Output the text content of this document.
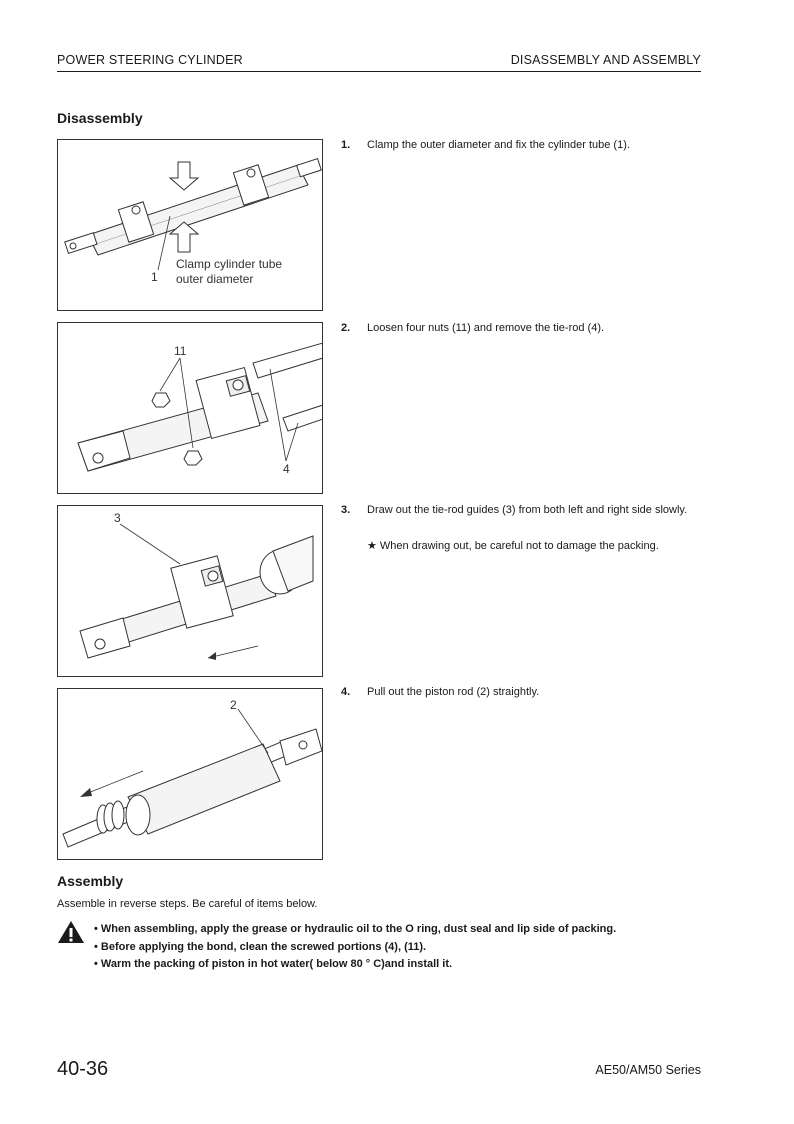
POWER STEERING CYLINDER	DISASSEMBLY AND ASSEMBLY
Disassembly
1
Clamp cylinder tube
outer diameter
1. Clamp the outer diameter and fix the cylinder tube (1).
11
4
2. Loosen four nuts (11) and remove the tie-rod (4).
3
3. Draw out the tie-rod guides (3) from both left and right side slowly.
★ When drawing out, be careful not to damage the packing.
2
4. Pull out the piston rod (2) straightly.
Assembly
Assemble in reverse steps. Be careful of items below.
• When assembling, apply the grease or hydraulic oil to the O ring, dust seal and lip side of packing.
• Before applying the bond, clean the screwed portions (4), (11).
• Warm the packing of piston in hot water( below 80 ° C)and install it.
40-36	AE50/AM50 Series
